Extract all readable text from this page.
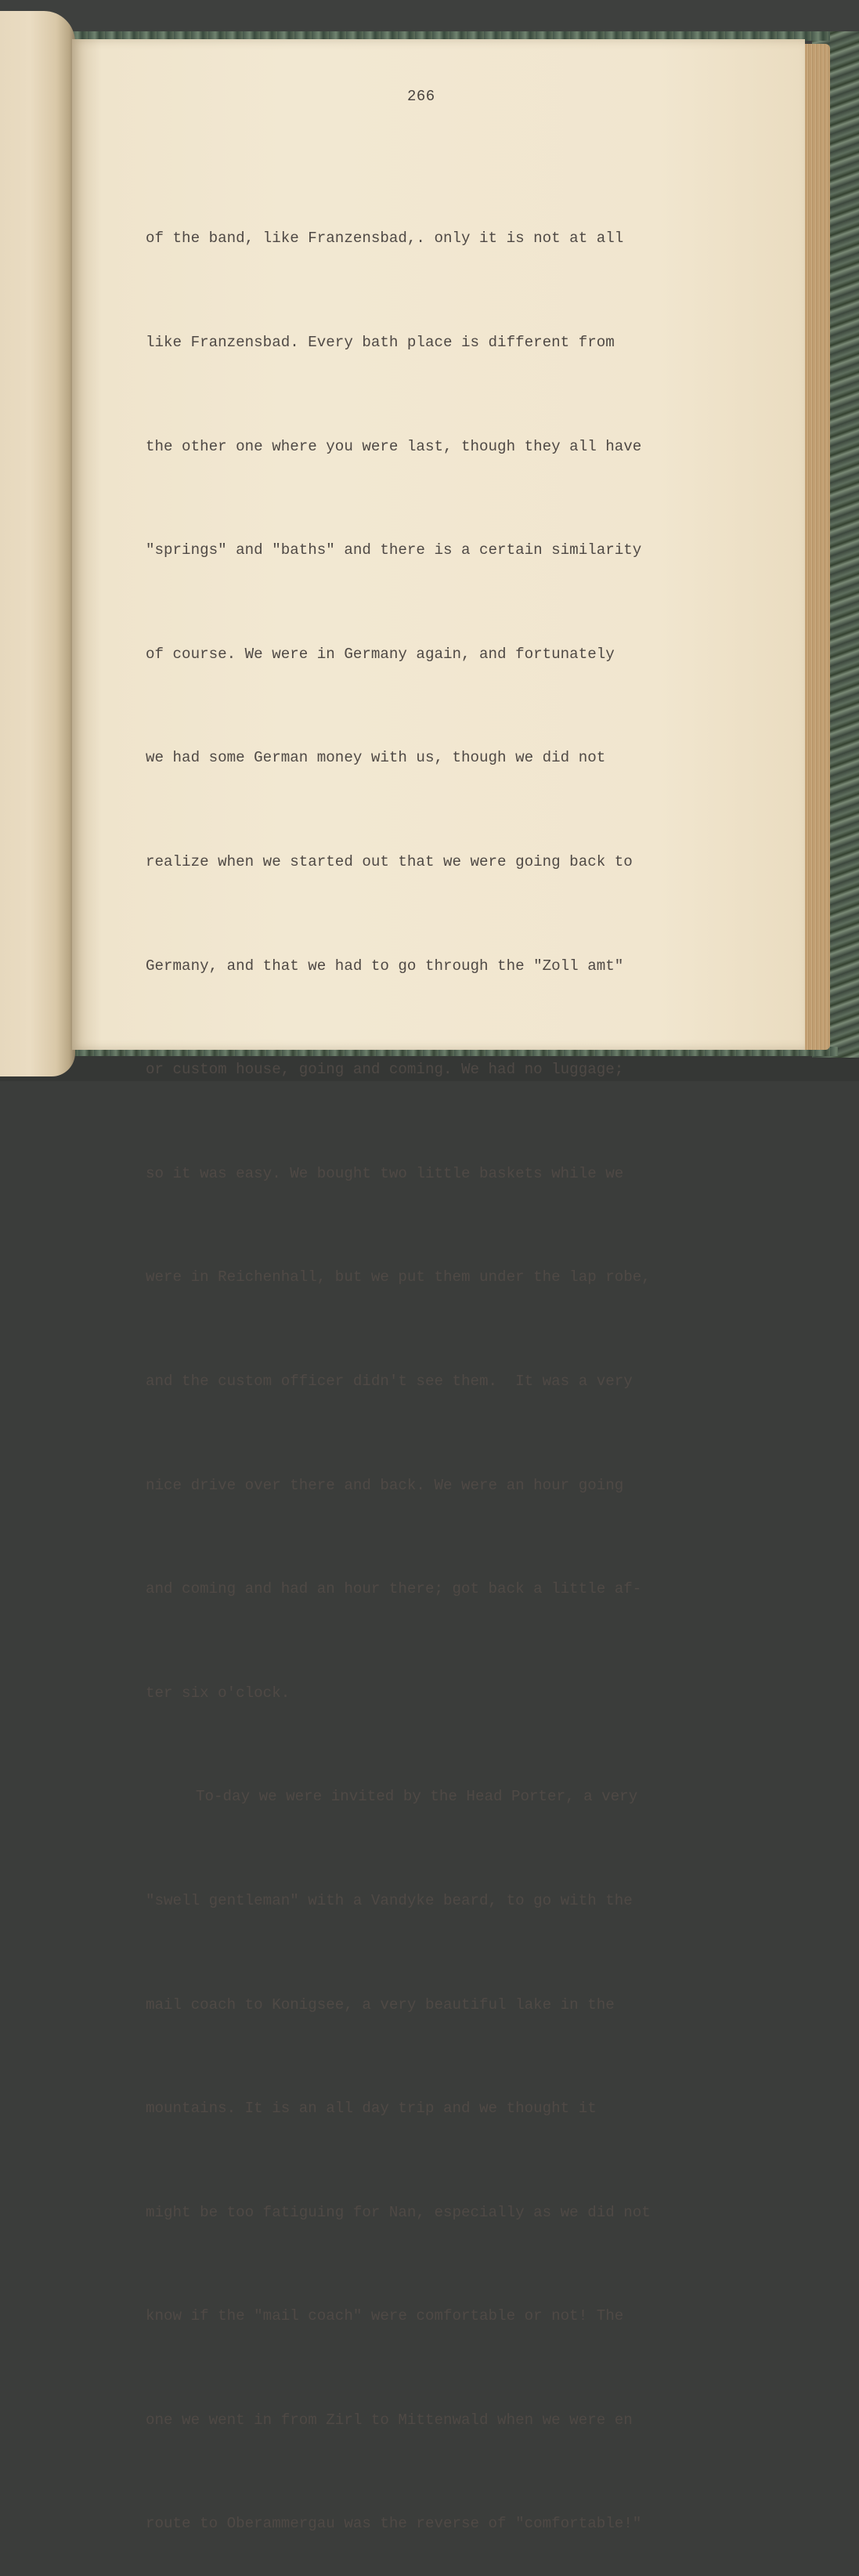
266

of the band, like Franzensbad,. only it is not at all

like Franzensbad. Every bath place is different from

the other one where you were last, though they all have

"springs" and "baths" and there is a certain similarity

of course. We were in Germany again, and fortunately

we had some German money with us, though we did not

realize when we started out that we were going back to

Germany, and that we had to go through the "Zoll amt"

or custom house, going and coming. We had no luggage;

so it was easy. We bought two little baskets while we

were in Reichenhall, but we put them under the lap robe,

and the custom officer didn't see them.  It was a very

nice drive over there and back. We were an hour going

and coming and had an hour there; got back a little af-

ter six o'clock.

To-day we were invited by the Head Porter, a very

"swell gentleman" with a Vandyke beard, to go with the

mail coach to Konigsee, a very beautiful lake in the

mountains. It is an all day trip and we thought it

might be too fatiguing for Nan, especially as we did not

know if the "mail coach" were comfortable or not! The

one we went in from Zirl to Mittenwald when we were en

route to Oberammergau was the reverse of "comfortable!"
